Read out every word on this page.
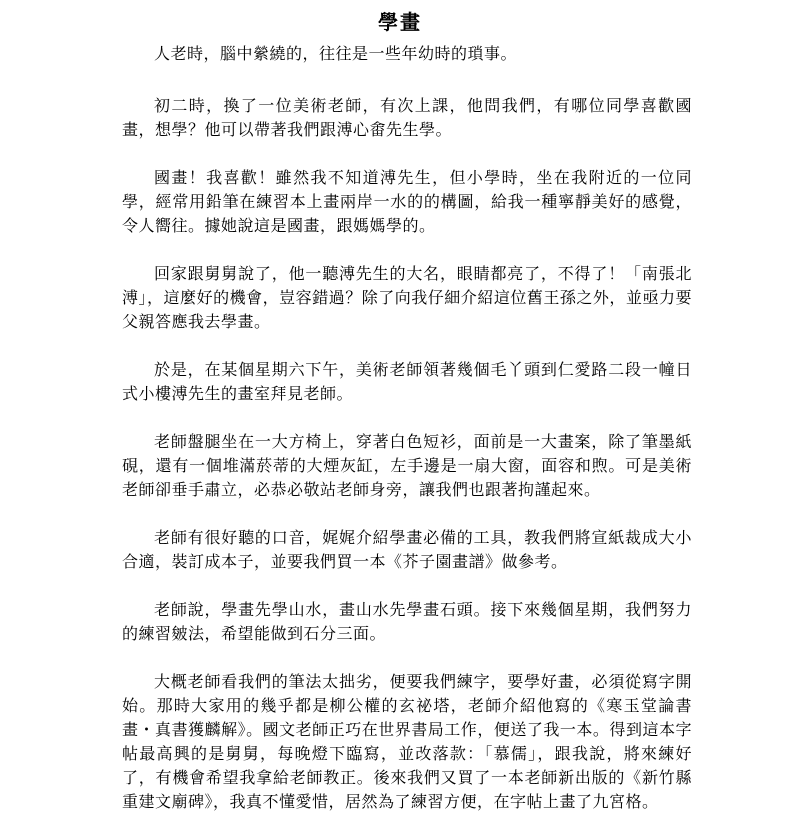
學畫

人老時，腦中縈繞的，往往是一些年幼時的瑣事。

初二時，換了一位美術老師，有次上課，他問我們，有哪位同學喜歡國畫，想學？他可以帶著我們跟溥心畬先生學。

國畫！我喜歡！雖然我不知道溥先生，但小學時，坐在我附近的一位同學，經常用鉛筆在練習本上畫兩岸一水的的構圖，給我一種寧靜美好的感覺，令人嚮往。據她說這是國畫，跟媽媽學的。

回家跟舅舅說了，他一聽溥先生的大名，眼睛都亮了，不得了！「南張北溥」，這麼好的機會，豈容錯過？除了向我仔細介紹這位舊王孫之外，並亟力要父親答應我去學畫。

於是，在某個星期六下午，美術老師領著幾個毛丫頭到仁愛路二段一幢日式小樓溥先生的畫室拜見老師。

老師盤腿坐在一大方椅上，穿著白色短衫，面前是一大畫案，除了筆墨紙硯，還有一個堆滿菸蒂的大煙灰缸，左手邊是一扇大窗，面容和煦。可是美術老師卻垂手肅立，必恭必敬站老師身旁，讓我們也跟著拘謹起來。

老師有很好聽的口音，娓娓介紹學畫必備的工具，教我們將宣紙裁成大小合適，裝訂成本子，並要我們買一本《芥子園畫譜》做參考。

老師說，學畫先學山水，畫山水先學畫石頭。接下來幾個星期，我們努力的練習皴法，希望能做到石分三面。

大概老師看我們的筆法太拙劣，便要我們練字，要學好畫，必須從寫字開始。那時大家用的幾乎都是柳公權的玄祕塔，老師介紹他寫的《寒玉堂論書畫・真書獲麟解》。國文老師正巧在世界書局工作，便送了我一本。得到這本字帖最高興的是舅舅，每晚燈下臨寫，並改落款：「慕儒」，跟我說，將來練好了，有機會希望我拿給老師教正。後來我們又買了一本老師新出版的《新竹縣重建文廟碑》，我真不懂愛惜，居然為了練習方便，在字帖上畫了九宮格。
